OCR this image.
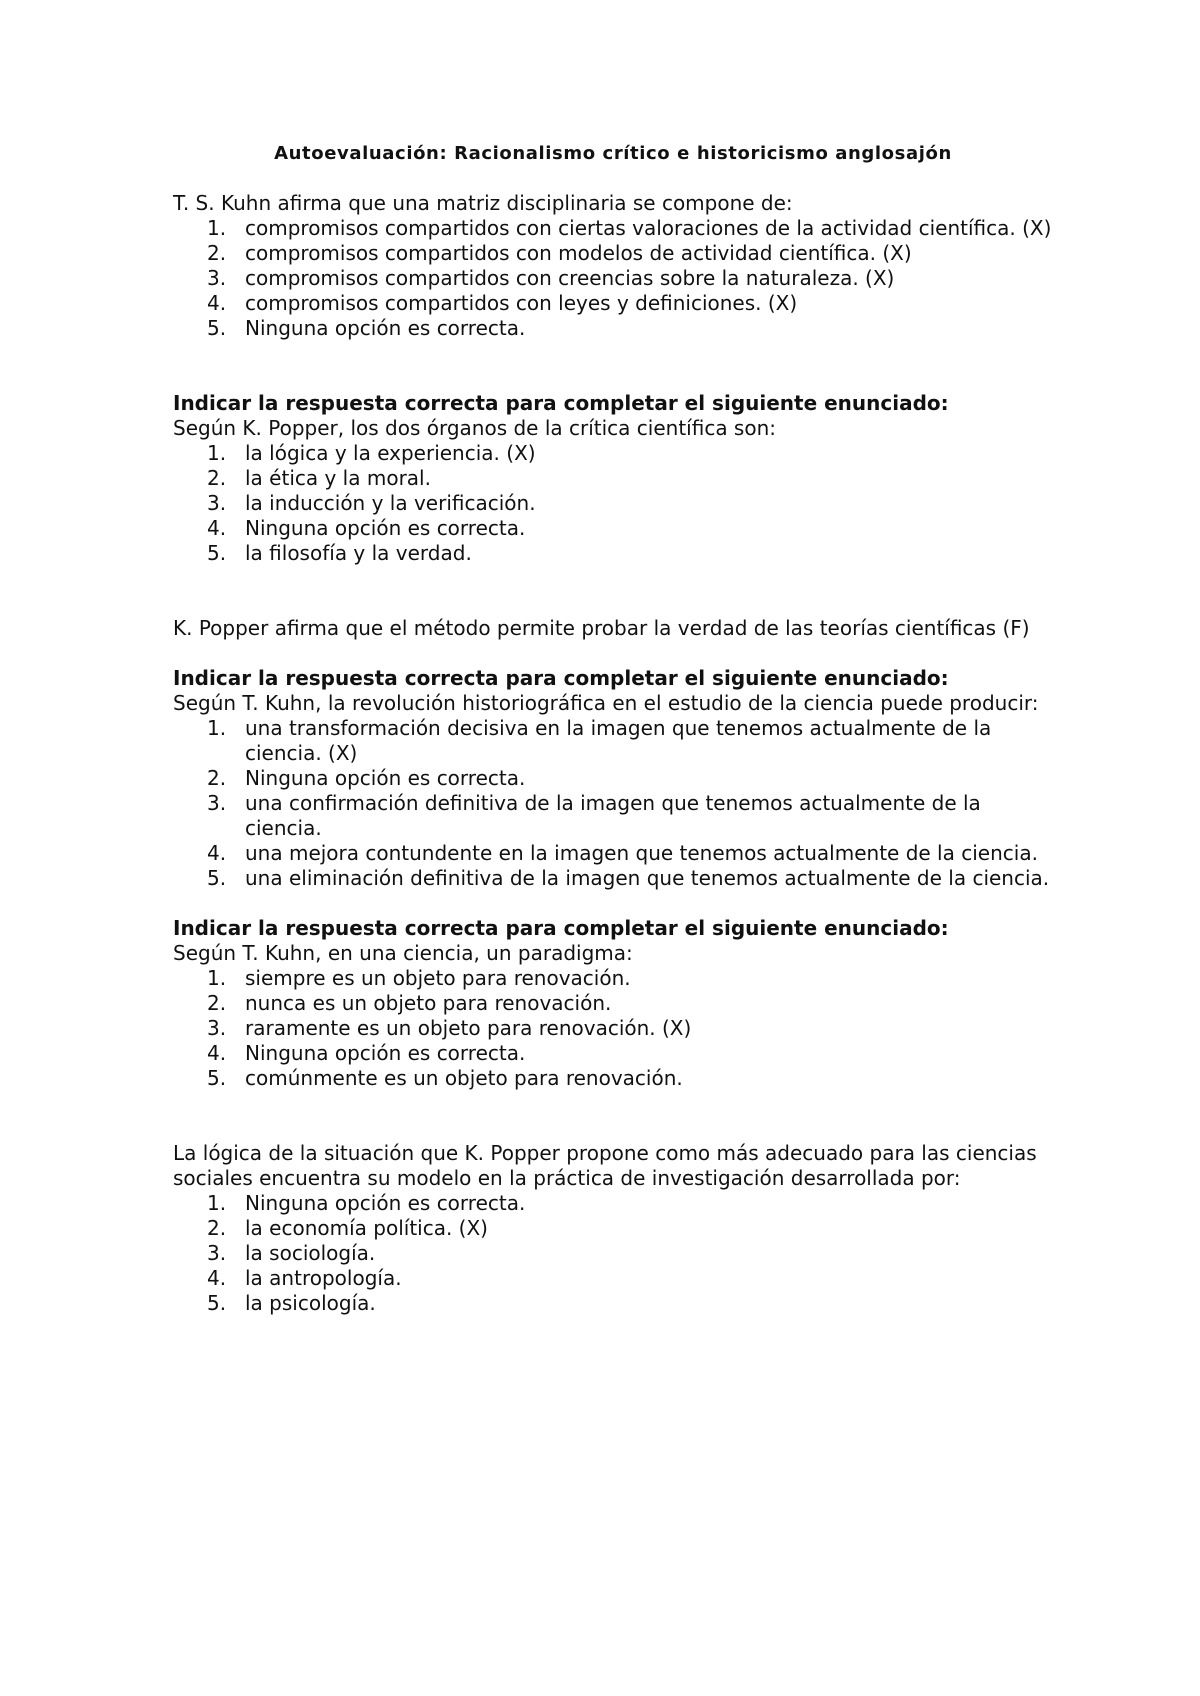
Autoevaluación: Racionalismo crítico e historicismo anglosajón
T. S. Kuhn afirma que una matriz disciplinaria se compone de:
1. compromisos compartidos con ciertas valoraciones de la actividad científica. (X)
2. compromisos compartidos con modelos de actividad científica. (X)
3. compromisos compartidos con creencias sobre la naturaleza. (X)
4. compromisos compartidos con leyes y definiciones. (X)
5. Ninguna opción es correcta.
Indicar la respuesta correcta para completar el siguiente enunciado:
Según K. Popper, los dos órganos de la crítica científica son:
1. la lógica y la experiencia. (X)
2. la ética y la moral.
3. la inducción y la verificación.
4. Ninguna opción es correcta.
5. la filosofía y la verdad.
K. Popper afirma que el método permite probar la verdad de las teorías científicas (F)
Indicar la respuesta correcta para completar el siguiente enunciado:
Según T. Kuhn, la revolución historiográfica en el estudio de la ciencia puede producir:
1. una transformación decisiva en la imagen que tenemos actualmente de la ciencia. (X)
2. Ninguna opción es correcta.
3. una confirmación definitiva de la imagen que tenemos actualmente de la ciencia.
4. una mejora contundente en la imagen que tenemos actualmente de la ciencia.
5. una eliminación definitiva de la imagen que tenemos actualmente de la ciencia.
Indicar la respuesta correcta para completar el siguiente enunciado:
Según T. Kuhn, en una ciencia, un paradigma:
1. siempre es un objeto para renovación.
2. nunca es un objeto para renovación.
3. raramente es un objeto para renovación. (X)
4. Ninguna opción es correcta.
5. comúnmente es un objeto para renovación.
La lógica de la situación que K. Popper propone como más adecuado para las ciencias sociales encuentra su modelo en la práctica de investigación desarrollada por:
1. Ninguna opción es correcta.
2. la economía política. (X)
3. la sociología.
4. la antropología.
5. la psicología.
